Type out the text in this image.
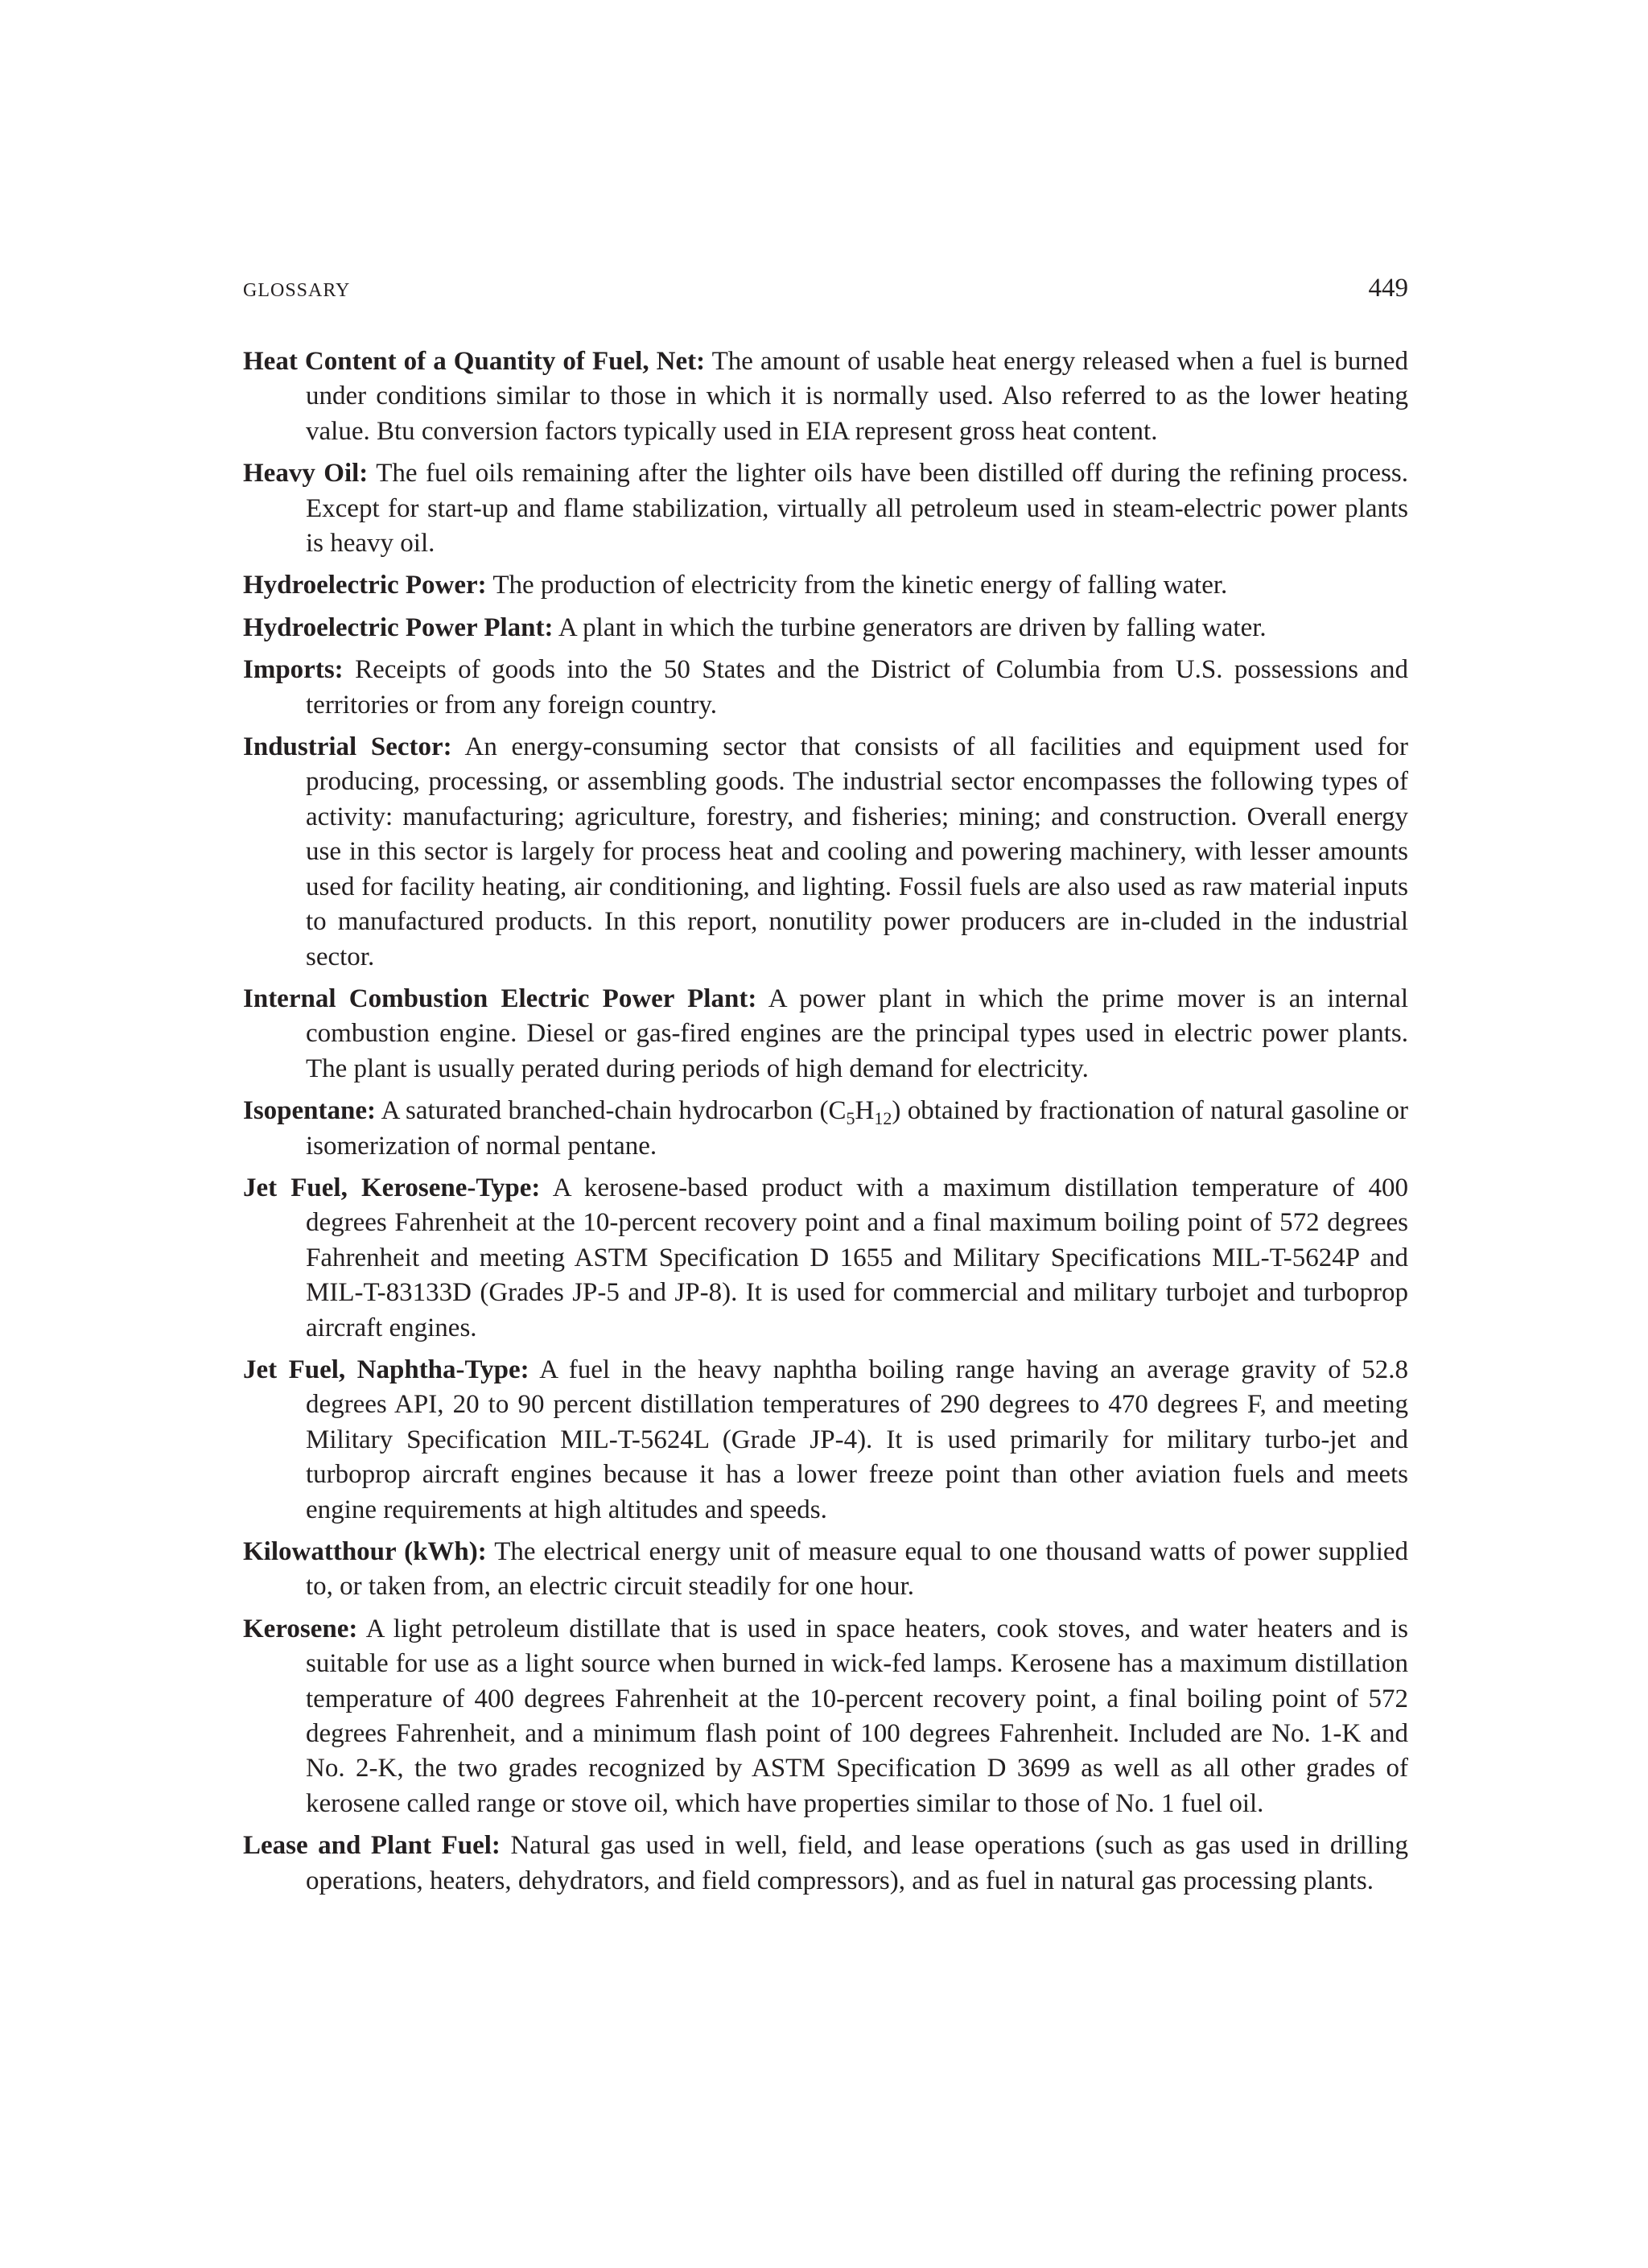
GLOSSARY	449

Heat Content of a Quantity of Fuel, Net: The amount of usable heat energy released when a fuel is burned under conditions similar to those in which it is normally used. Also referred to as the lower heating value. Btu conversion factors typically used in EIA represent gross heat content.

Heavy Oil: The fuel oils remaining after the lighter oils have been distilled off during the refining process. Except for start-up and flame stabilization, virtually all petroleum used in steam-electric power plants is heavy oil.

Hydroelectric Power: The production of electricity from the kinetic energy of falling water.

Hydroelectric Power Plant: A plant in which the turbine generators are driven by falling water.

Imports: Receipts of goods into the 50 States and the District of Columbia from U.S. possessions and territories or from any foreign country.

Industrial Sector: An energy-consuming sector that consists of all facilities and equipment used for producing, processing, or assembling goods. The industrial sector encompasses the following types of activity: manufacturing; agriculture, forestry, and fisheries; mining; and construction. Overall energy use in this sector is largely for process heat and cooling and powering machinery, with lesser amounts used for facility heating, air conditioning, and lighting. Fossil fuels are also used as raw material inputs to manufactured products. In this report, nonutility power producers are in-cluded in the industrial sector.

Internal Combustion Electric Power Plant: A power plant in which the prime mover is an internal combustion engine. Diesel or gas-fired engines are the principal types used in electric power plants. The plant is usually perated during periods of high demand for electricity.

Isopentane: A saturated branched-chain hydrocarbon $(C_5H_{12})$ obtained by fractionation of natural gasoline or isomerization of normal pentane.

Jet Fuel, Kerosene-Type: A kerosene-based product with a maximum distillation temperature of 400 degrees Fahrenheit at the 10-percent recovery point and a final maximum boiling point of 572 degrees Fahrenheit and meeting ASTM Specification D 1655 and Military Specifications MIL-T-5624P and MIL-T-83133D (Grades JP-5 and JP-8). It is used for commercial and military turbojet and turboprop aircraft engines.

Jet Fuel, Naphtha-Type: A fuel in the heavy naphtha boiling range having an average gravity of 52.8 degrees API, 20 to 90 percent distillation temperatures of 290 degrees to 470 degrees F, and meeting Military Specification MIL-T-5624L (Grade JP-4). It is used primarily for military turbo-jet and turboprop aircraft engines because it has a lower freeze point than other aviation fuels and meets engine requirements at high altitudes and speeds.

Kilowatthour (kWh): The electrical energy unit of measure equal to one thousand watts of power supplied to, or taken from, an electric circuit steadily for one hour.

Kerosene: A light petroleum distillate that is used in space heaters, cook stoves, and water heaters and is suitable for use as a light source when burned in wick-fed lamps. Kerosene has a maximum distillation temperature of 400 degrees Fahrenheit at the 10-percent recovery point, a final boiling point of 572 degrees Fahrenheit, and a minimum flash point of 100 degrees Fahrenheit. Included are No. 1-K and No. 2-K, the two grades recognized by ASTM Specification D 3699 as well as all other grades of kerosene called range or stove oil, which have properties similar to those of No. 1 fuel oil.

Lease and Plant Fuel: Natural gas used in well, field, and lease operations (such as gas used in drilling operations, heaters, dehydrators, and field compressors), and as fuel in natural gas processing plants.
